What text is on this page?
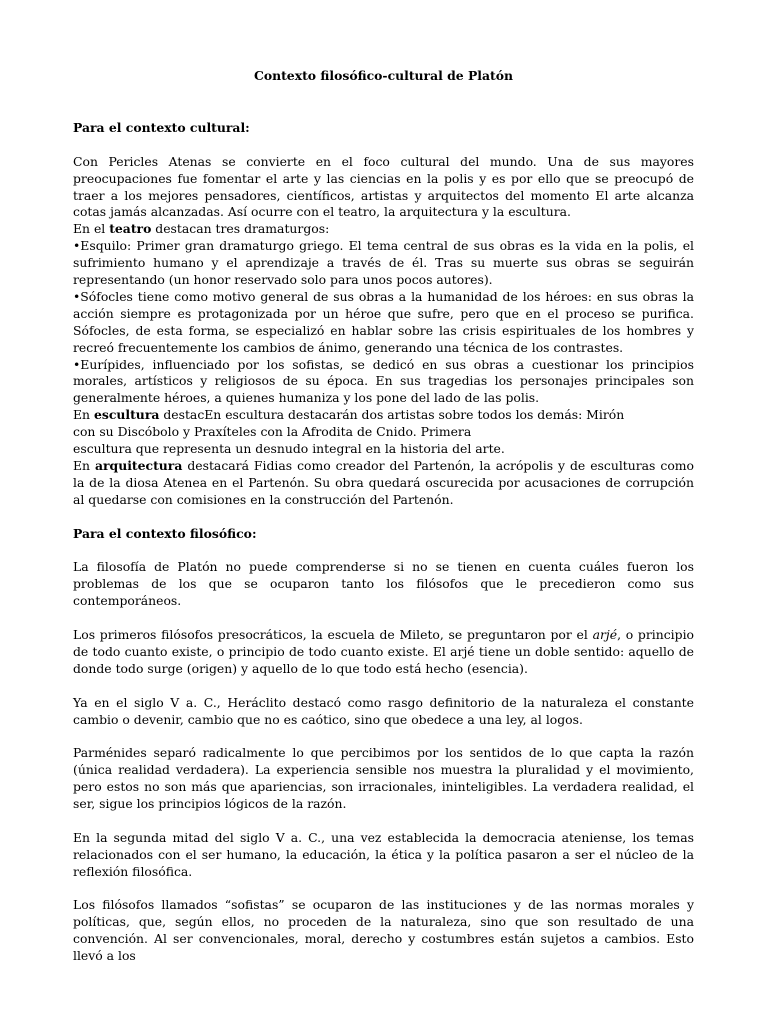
Contexto filosófico-cultural de Platón
Para el contexto cultural:

Con Pericles Atenas se convierte en el foco cultural del mundo. Una de sus mayores preocupaciones fue fomentar el arte y las ciencias en la polis y es por ello que se preocupó de traer a los mejores pensadores, científicos, artistas y arquitectos del momento El arte alcanza cotas jamás alcanzadas. Así ocurre con el teatro, la arquitectura y la escultura.

En el teatro destacan tres dramaturgos:

•Esquilo: Primer gran dramaturgo griego. El tema central de sus obras es la vida en la polis, el sufrimiento humano y el aprendizaje a través de él. Tras su muerte sus obras se seguirán representando (un honor reservado solo para unos pocos autores).

•Sófocles tiene como motivo general de sus obras a la humanidad de los héroes: en sus obras la acción siempre es protagonizada por un héroe que sufre, pero que en el proceso se purifica. Sófocles, de esta forma, se especializó en hablar sobre las crisis espirituales de los hombres y recreó frecuentemente los cambios de ánimo, generando una técnica de los contrastes.

•Eurípides, influenciado por los sofistas, se dedicó en sus obras a cuestionar los principios morales, artísticos y religiosos de su época. En sus tragedias los personajes principales son generalmente héroes, a quienes humaniza y los pone del lado de las polis.

En escultura destacEn escultura destacarán dos artistas sobre todos los demás: Mirón

con su Discóbolo y Praxíteles con la Afrodita de Cnido. Primera

escultura que representa un desnudo integral en la historia del arte.

En arquitectura destacará Fidias como creador del Partenón, la acrópolis y de esculturas como la de la diosa Atenea en el Partenón. Su obra quedará oscurecida por acusaciones de corrupción al quedarse con comisiones en la construcción del Partenón.

Para el contexto filosófico:

La filosofía de Platón no puede comprenderse si no se tienen en cuenta cuáles fueron los problemas de los que se ocuparon tanto los filósofos que le precedieron como sus contemporáneos.

Los primeros filósofos presocráticos, la escuela de Mileto, se preguntaron por el arjé, o principio de todo cuanto existe, o principio de todo cuanto existe. El arjé tiene un doble sentido: aquello de donde todo surge (origen) y aquello de lo que todo está hecho (esencia).

Ya en el siglo V a. C., Heráclito destacó como rasgo definitorio de la naturaleza el constante cambio o devenir, cambio que no es caótico, sino que obedece a una ley, al logos.

Parménides separó radicalmente lo que percibimos por los sentidos de lo que capta la razón (única realidad verdadera). La experiencia sensible nos muestra la pluralidad y el movimiento, pero estos no son más que apariencias, son irracionales, ininteligibles. La verdadera realidad, el ser, sigue los principios lógicos de la razón.

En la segunda mitad del siglo V a. C., una vez establecida la democracia ateniense, los temas relacionados con el ser humano, la educación, la ética y la política pasaron a ser el núcleo de la reflexión filosófica.

Los filósofos llamados “sofistas” se ocuparon de las instituciones y de las normas morales y políticas, que, según ellos, no proceden de la naturaleza, sino que son resultado de una convención. Al ser convencionales, moral, derecho y costumbres están sujetos a cambios. Esto llevó a los
